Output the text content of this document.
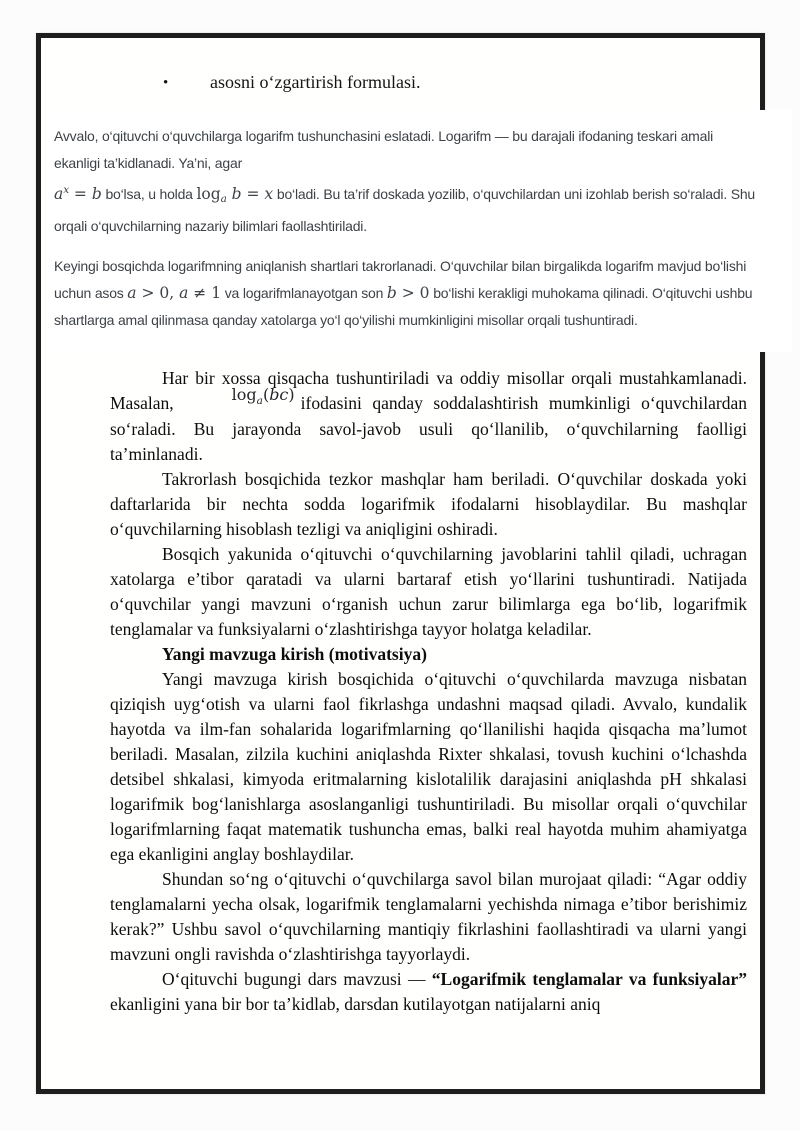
Avvalo, o‘qituvchi o‘quvchilarga logarifm tushunchasini eslatadi. Logarifm — bu darajali ifodaning teskari amali ekanligi ta’kidlanadi. Ya’ni, agar
$a^x = b$ bo‘lsa, u holda $\log_a b = x$ bo‘ladi. Bu ta’rif doskada yozilib, o‘quvchilardan uni izohlab berish so‘raladi. Shu orqali o‘quvchilarning nazariy bilimlari faollashtiriladi.

Keyingi bosqichda logarifmning aniqlanish shartlari takrorlanadi. O‘quvchilar bilan birgalikda logarifm mavjud bo‘lishi uchun asos a > 0, a ≠ 1 va logarifmlanayotgan son b > 0 bo‘lishi kerakligi muhokama qilinadi. O‘qituvchi ushbu shartlarga amal qilinmasa qanday xatolarga yo‘l qo‘yilishi mumkinligini misollar orqali tushuntiradi.

• asosni o‘zgartirish formulasi.

Har bir xossa qisqacha tushuntiriladi va oddiy misollar orqali mustahkamlanadi. Masalan,	$\log_a(bc)$ ifodasini qanday soddalashtirish mumkinligi o‘quvchilardan so‘raladi. Bu jarayonda savol-javob usuli qo‘llanilib, o‘quvchilarning faolligi ta’minlanadi.

Takrorlash bosqichida tezkor mashqlar ham beriladi. O‘quvchilar doskada yoki daftarlarida bir nechta sodda logarifmik ifodalarni hisoblaydilar. Bu mashqlar o‘quvchilarning hisoblash tezligi va aniqligini oshiradi.

Bosqich yakunida o‘qituvchi o‘quvchilarning javoblarini tahlil qiladi, uchragan xatolarga e’tibor qaratadi va ularni bartaraf etish yo‘llarini tushuntiradi. Natijada o‘quvchilar yangi mavzuni o‘rganish uchun zarur bilimlarga ega bo‘lib, logarifmik tenglamalar va funksiyalarni o‘zlashtirishga tayyor holatga keladilar.

Yangi mavzuga kirish (motivatsiya)

Yangi mavzuga kirish bosqichida o‘qituvchi o‘quvchilarda mavzuga nisbatan qiziqish uyg‘otish va ularni faol fikrlashga undashni maqsad qiladi. Avvalo, kundalik hayotda va ilm-fan sohalarida logarifmlarning qo‘llanilishi haqida qisqacha ma’lumot beriladi. Masalan, zilzila kuchini aniqlashda Rixter shkalasi, tovush kuchini o‘lchashda detsibel shkalasi, kimyoda eritmalarning kislotalilik darajasini aniqlashda pH shkalasi logarifmik bog‘lanishlarga asoslanganligi tushuntiriladi. Bu misollar orqali o‘quvchilar logarifmlarning faqat matematik tushuncha emas, balki real hayotda muhim ahamiyatga ega ekanligini anglay boshlaydilar.

Shundan so‘ng o‘qituvchi o‘quvchilarga savol bilan murojaat qiladi: “Agar oddiy tenglamalarni yecha olsak, logarifmik tenglamalarni yechishda nimaga e’tibor berishimiz kerak?” Ushbu savol o‘quvchilarning mantiqiy fikrlashini faollashtiradi va ularni yangi mavzuni ongli ravishda o‘zlashtirishga tayyorlaydi.

O‘qituvchi bugungi dars mavzusi — “Logarifmik tenglamalar va funksiyalar” ekanligini yana bir bor ta’kidlab, darsdan kutilayotgan natijalarni aniq
